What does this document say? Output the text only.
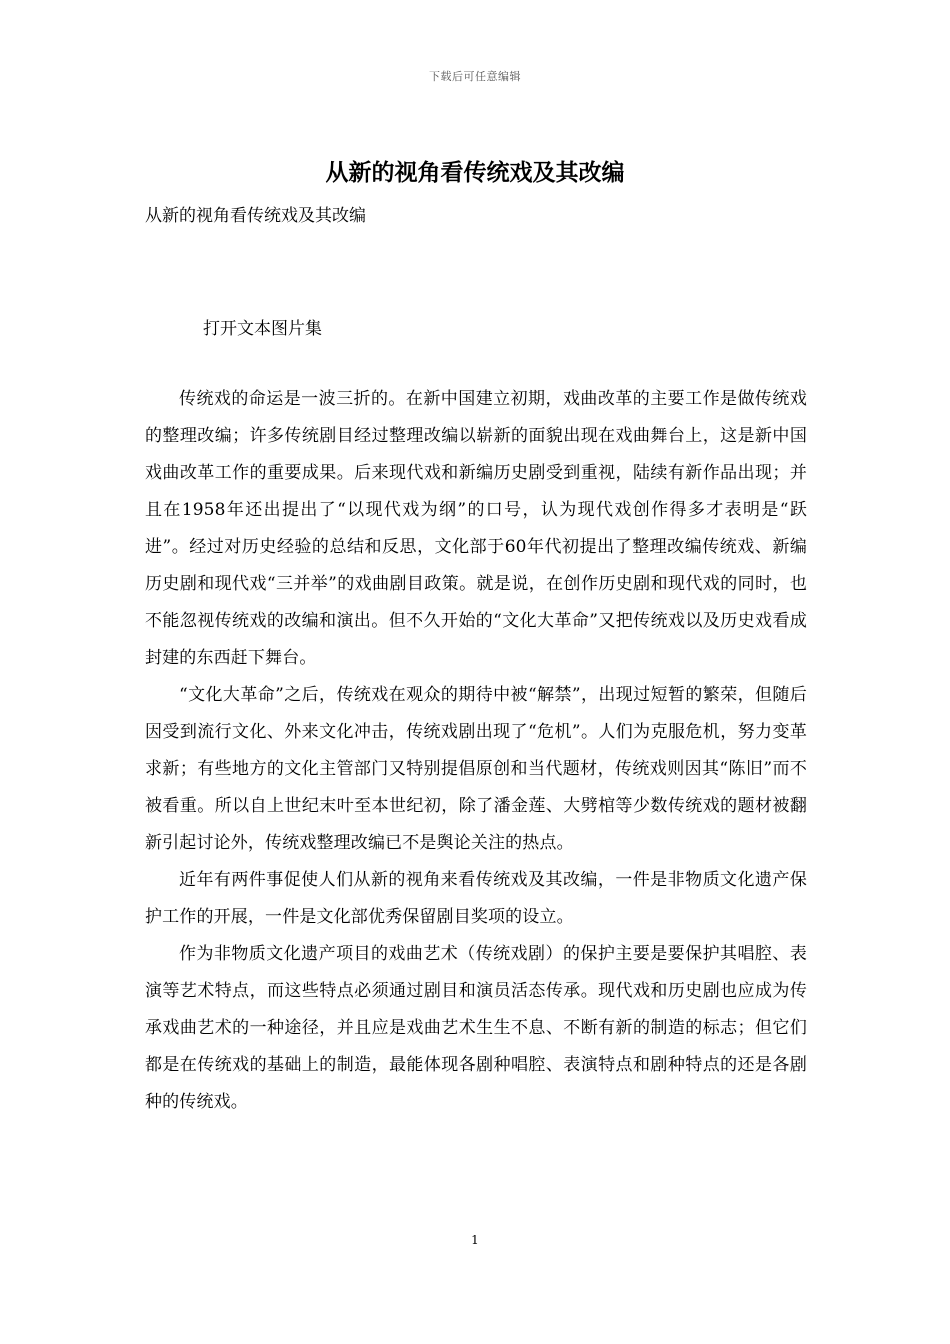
下载后可任意编辑
从新的视角看传统戏及其改编

从新的视角看传统戏及其改编

打开文本图片集

传统戏的命运是一波三折的。在新中国建立初期，戏曲改革的主要工作是做传统戏的整理改编；许多传统剧目经过整理改编以崭新的面貌出现在戏曲舞台上，这是新中国戏曲改革工作的重要成果。后来现代戏和新编历史剧受到重视，陆续有新作品出现；并且在1958年还出提出了“以现代戏为纲”的口号，认为现代戏创作得多才表明是“跃进”。经过对历史经验的总结和反思，文化部于60年代初提出了整理改编传统戏、新编历史剧和现代戏“三并举”的戏曲剧目政策。就是说，在创作历史剧和现代戏的同时，也不能忽视传统戏的改编和演出。但不久开始的“文化大革命”又把传统戏以及历史戏看成封建的东西赶下舞台。

“文化大革命”之后，传统戏在观众的期待中被“解禁”，出现过短暂的繁荣，但随后因受到流行文化、外来文化冲击，传统戏剧出现了“危机”。人们为克服危机，努力变革求新；有些地方的文化主管部门又特别提倡原创和当代题材，传统戏则因其“陈旧”而不被看重。所以自上世纪末叶至本世纪初，除了潘金莲、大劈棺等少数传统戏的题材被翻新引起讨论外，传统戏整理改编已不是舆论关注的热点。

近年有两件事促使人们从新的视角来看传统戏及其改编，一件是非物质文化遗产保护工作的开展，一件是文化部优秀保留剧目奖项的设立。

作为非物质文化遗产项目的戏曲艺术（传统戏剧）的保护主要是要保护其唱腔、表演等艺术特点，而这些特点必须通过剧目和演员活态传承。现代戏和历史剧也应成为传承戏曲艺术的一种途径，并且应是戏曲艺术生生不息、不断有新的制造的标志；但它们都是在传统戏的基础上的制造，最能体现各剧种唱腔、表演特点和剧种特点的还是各剧种的传统戏。

1
